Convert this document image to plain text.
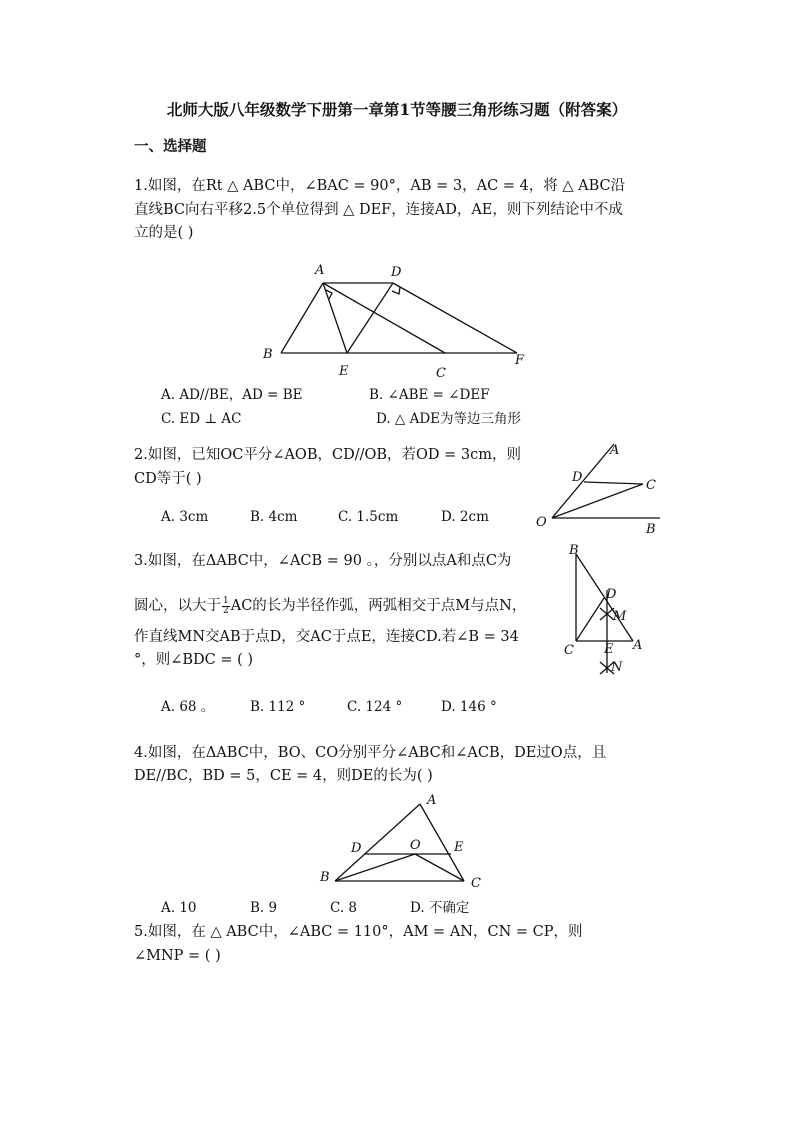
北师大版八年级数学下册第一章第1节等腰三角形练习题（附答案）
一、选择题
1.如图，在Rt △ ABC中，∠BAC = 90°，AB = 3，AC = 4，将 △ ABC沿
直线BC向右平移2.5个单位得到 △ DEF，连接AD，AE，则下列结论中不成
立的是( )
A	D
B
E	C
F
A. AD//BE，AD = BE	B. ∠ABE = ∠DEF
C. ED ⊥ AC	D. △ ADE为等边三角形
2.如图，已知OC平分∠AOB，CD//OB，若OD = 3cm，则
CD等于( )
A
D
C
O	B
A. 3cm	B. 4cm	C. 1.5cm	D. 2cm
3.如图，在ΔABC中，∠ACB = 90 。，分别以点A和点C为
圆心，以大于 $\frac{1}{2}$ AC的长为半径作弧，两弧相交于点M与点N，
作直线MN交AB于点D，交AC于点E，连接CD.若∠B = 34
°，则∠BDC = ( )
B
D
M
C E A
N
A. 68 。	B. 112 °	C. 124 °	D. 146 °
4.如图，在ΔABC中，BO、CO分别平分∠ABC和∠ACB，DE过O点，且
DE//BC，BD = 5，CE = 4，则DE的长为( )
A
D	O	E
B	C
A. 10	B. 9	C. 8	D. 不确定
5.如图，在 △ ABC中，∠ABC = 110°，AM = AN，CN = CP，则
∠MNP = ( )
